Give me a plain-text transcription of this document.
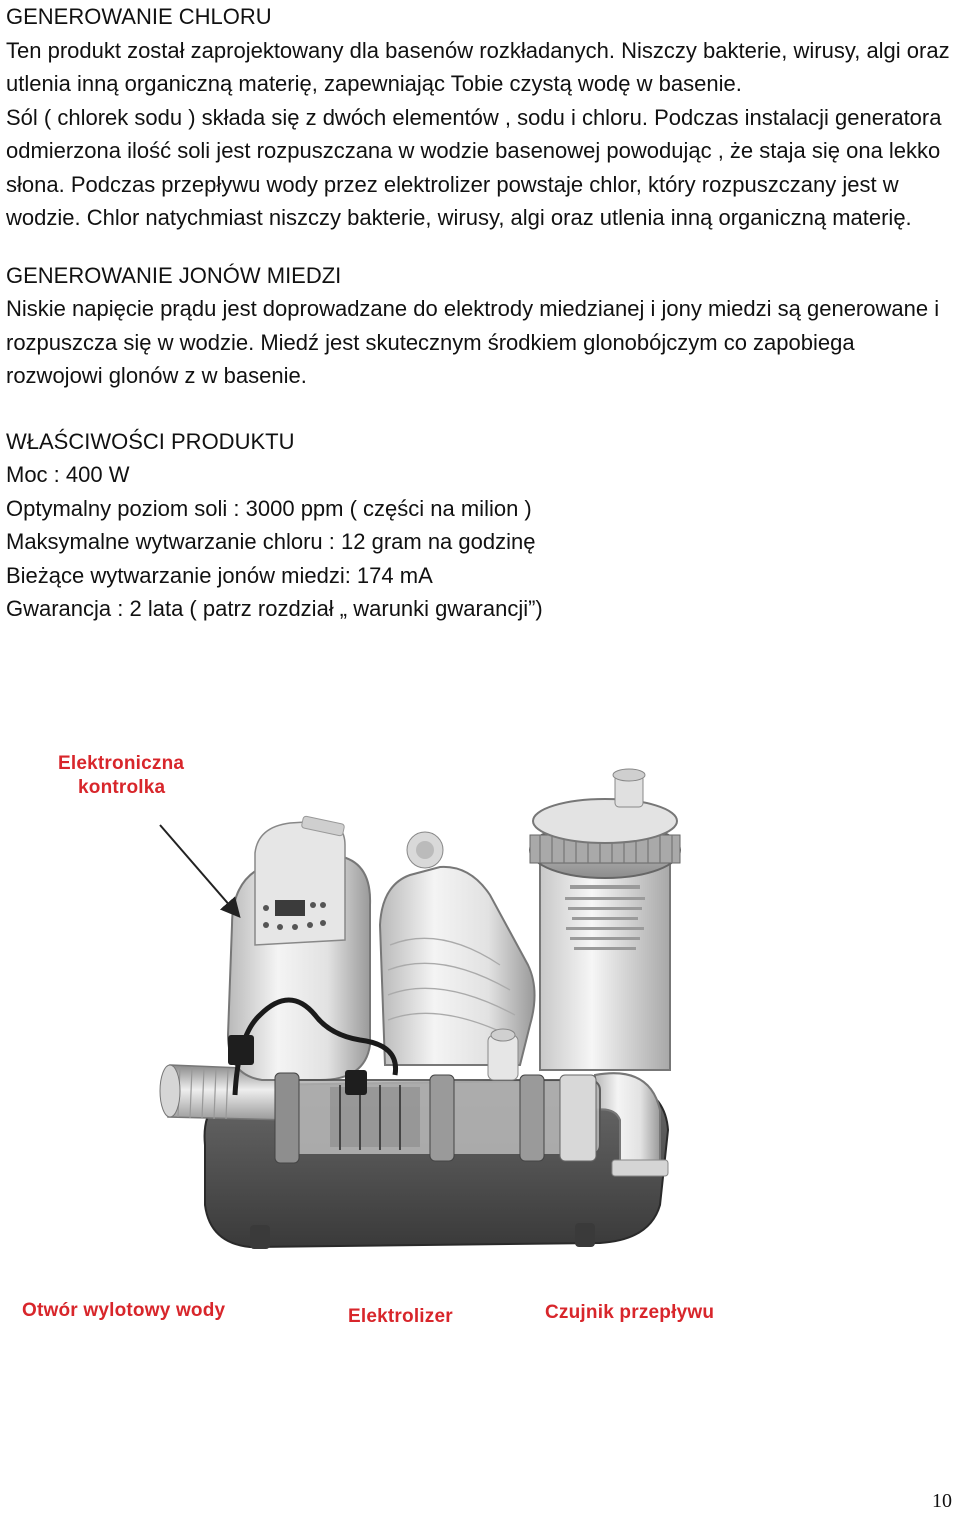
GENEROWANIE CHLORU

Ten produkt został zaprojektowany dla basenów rozkładanych. Niszczy bakterie, wirusy, algi oraz utlenia inną organiczną materię, zapewniając Tobie czystą wodę w basenie.

Sól ( chlorek sodu ) składa się z dwóch elementów , sodu i chloru. Podczas instalacji generatora odmierzona ilość soli jest rozpuszczana w wodzie basenowej powodując , że staja się ona lekko słona. Podczas przepływu wody przez elektrolizer powstaje chlor, który rozpuszczany jest w wodzie. Chlor natychmiast niszczy bakterie, wirusy, algi oraz utlenia inną organiczną materię.

GENEROWANIE JONÓW MIEDZI

Niskie napięcie prądu jest doprowadzane do elektrody miedzianej i jony miedzi są generowane i rozpuszcza się w wodzie. Miedź jest skutecznym środkiem glonobójczym co zapobiega rozwojowi glonów z w basenie.

WŁAŚCIWOŚCI PRODUKTU

Moc : 400 W

Optymalny poziom soli : 3000 ppm ( części na milion )

Maksymalne wytwarzanie chloru : 12 gram na godzinę

Bieżące wytwarzanie jonów miedzi: 174 mA

Gwarancja : 2 lata ( patrz rozdział „ warunki gwarancji”)

Elektroniczna
kontrolka
Otwór wylotowy wody	Elektrolizer	Czujnik przepływu
10
